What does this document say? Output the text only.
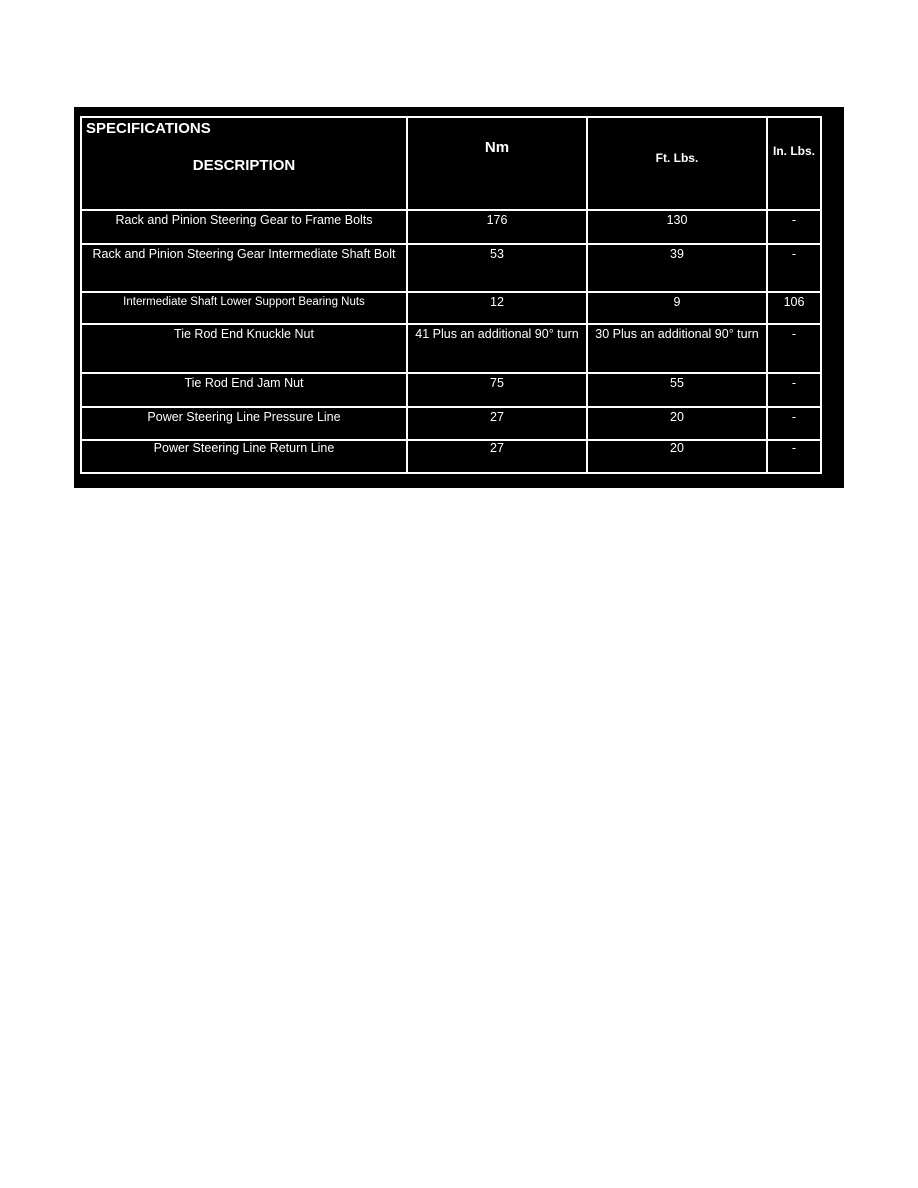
SPECIFICATIONS
DESCRIPTION	Nm	Ft. Lbs.	In. Lbs.

Rack and Pinion Steering Gear to Frame Bolts	176	130	-

Rack and Pinion Steering Gear Intermediate Shaft Bolt	53	39	-

Intermediate Shaft Lower Support Bearing Nuts	12	9	106

Tie Rod End Knuckle Nut	41 Plus an additional 90° turn	30 Plus an additional 90° turn	-

Tie Rod End Jam Nut	75	55	-

Power Steering Line Pressure Line	27	20	-

Power Steering Line Return Line	27	20	-
